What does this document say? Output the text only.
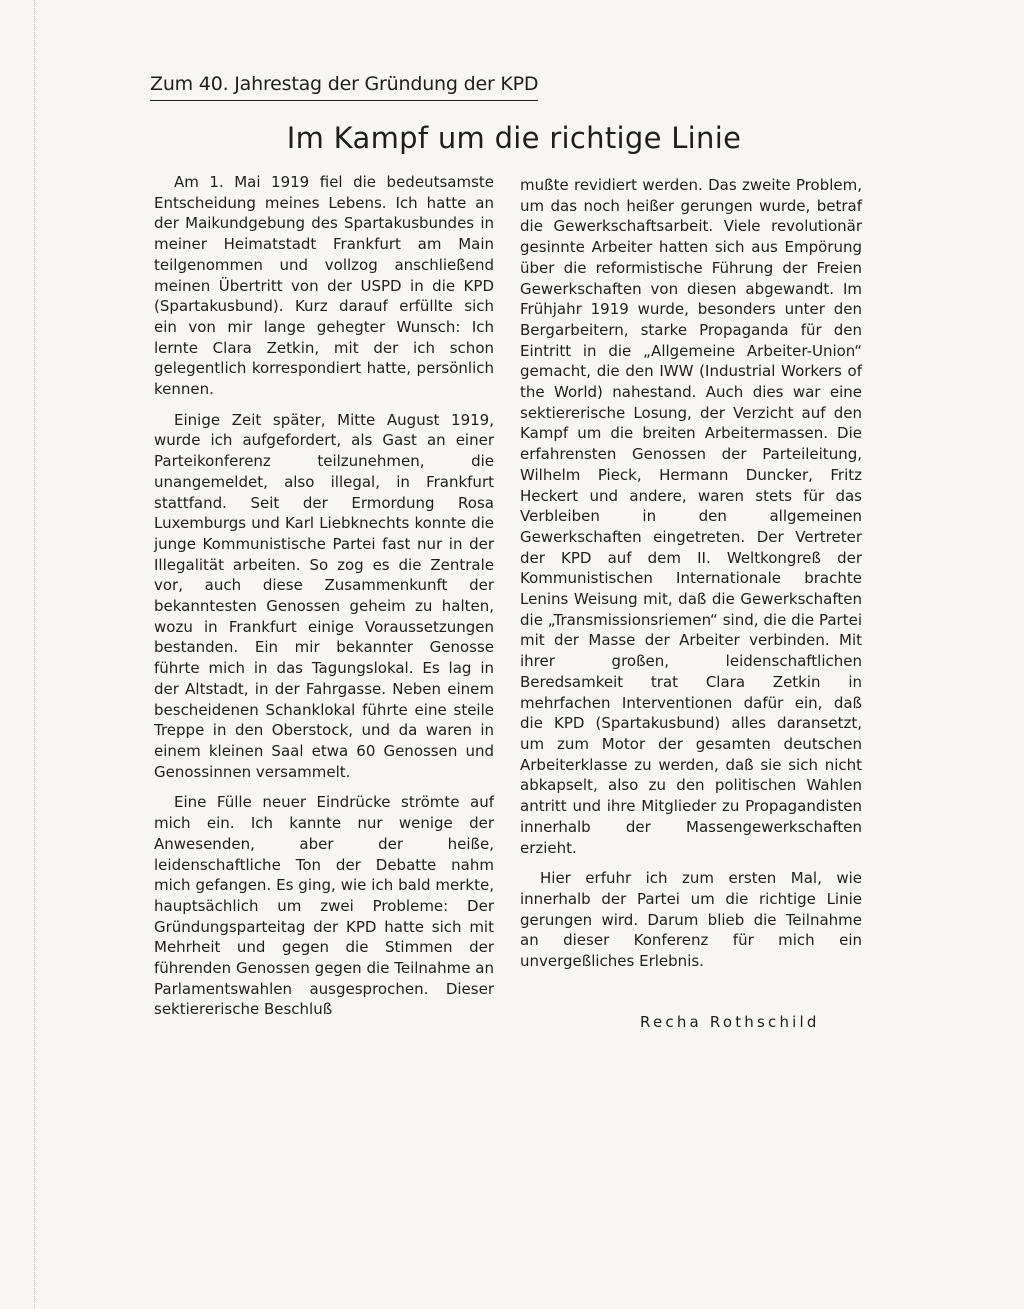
Zum 40. Jahrestag der Gründung der KPD
Im Kampf um die richtige Linie

Am 1. Mai 1919 fiel die bedeutsamste Entscheidung meines Lebens. Ich hatte an der Maikundgebung des Spartakusbundes in meiner Heimatstadt Frankfurt am Main teilgenommen und vollzog anschließend meinen Übertritt von der USPD in die KPD (Spartakusbund). Kurz darauf erfüllte sich ein von mir lange gehegter Wunsch: Ich lernte Clara Zetkin, mit der ich schon gelegentlich korrespondiert hatte, persönlich kennen.

Einige Zeit später, Mitte August 1919, wurde ich aufgefordert, als Gast an einer Parteikonferenz teilzunehmen, die unangemeldet, also illegal, in Frankfurt stattfand. Seit der Ermordung Rosa Luxemburgs und Karl Liebknechts konnte die junge Kommunistische Partei fast nur in der Illegalität arbeiten. So zog es die Zentrale vor, auch diese Zusammenkunft der bekanntesten Genossen geheim zu halten, wozu in Frankfurt einige Voraussetzungen bestanden. Ein mir bekannter Genosse führte mich in das Tagungslokal. Es lag in der Altstadt, in der Fahrgasse. Neben einem bescheidenen Schanklokal führte eine steile Treppe in den Oberstock, und da waren in einem kleinen Saal etwa 60 Genossen und Genossinnen versammelt.

Eine Fülle neuer Eindrücke strömte auf mich ein. Ich kannte nur wenige der Anwesenden, aber der heiße, leidenschaftliche Ton der Debatte nahm mich gefangen. Es ging, wie ich bald merkte, hauptsächlich um zwei Probleme: Der Gründungsparteitag der KPD hatte sich mit Mehrheit und gegen die Stimmen der führenden Genossen gegen die Teilnahme an Parlamentswahlen ausgesprochen. Dieser sektiererische Beschluß

mußte revidiert werden. Das zweite Problem, um das noch heißer gerungen wurde, betraf die Gewerkschaftsarbeit. Viele revolutionär gesinnte Arbeiter hatten sich aus Empörung über die reformistische Führung der Freien Gewerkschaften von diesen abgewandt. Im Frühjahr 1919 wurde, besonders unter den Bergarbeitern, starke Propaganda für den Eintritt in die „Allgemeine Arbeiter-Union“ gemacht, die den IWW (Industrial Workers of the World) nahestand. Auch dies war eine sektiererische Losung, der Verzicht auf den Kampf um die breiten Arbeitermassen. Die erfahrensten Genossen der Parteileitung, Wilhelm Pieck, Hermann Duncker, Fritz Heckert und andere, waren stets für das Verbleiben in den allgemeinen Gewerkschaften eingetreten. Der Vertreter der KPD auf dem II. Weltkongreß der Kommunistischen Internationale brachte Lenins Weisung mit, daß die Gewerkschaften die „Transmissionsriemen“ sind, die die Partei mit der Masse der Arbeiter verbinden. Mit ihrer großen, leidenschaftlichen Beredsamkeit trat Clara Zetkin in mehrfachen Interventionen dafür ein, daß die KPD (Spartakusbund) alles daransetzt, um zum Motor der gesamten deutschen Arbeiterklasse zu werden, daß sie sich nicht abkapselt, also zu den politischen Wahlen antritt und ihre Mitglieder zu Propagandisten innerhalb der Massengewerkschaften erzieht.

Hier erfuhr ich zum ersten Mal, wie innerhalb der Partei um die richtige Linie gerungen wird. Darum blieb die Teilnahme an dieser Konferenz für mich ein unvergeßliches Erlebnis.

Recha Rothschild
